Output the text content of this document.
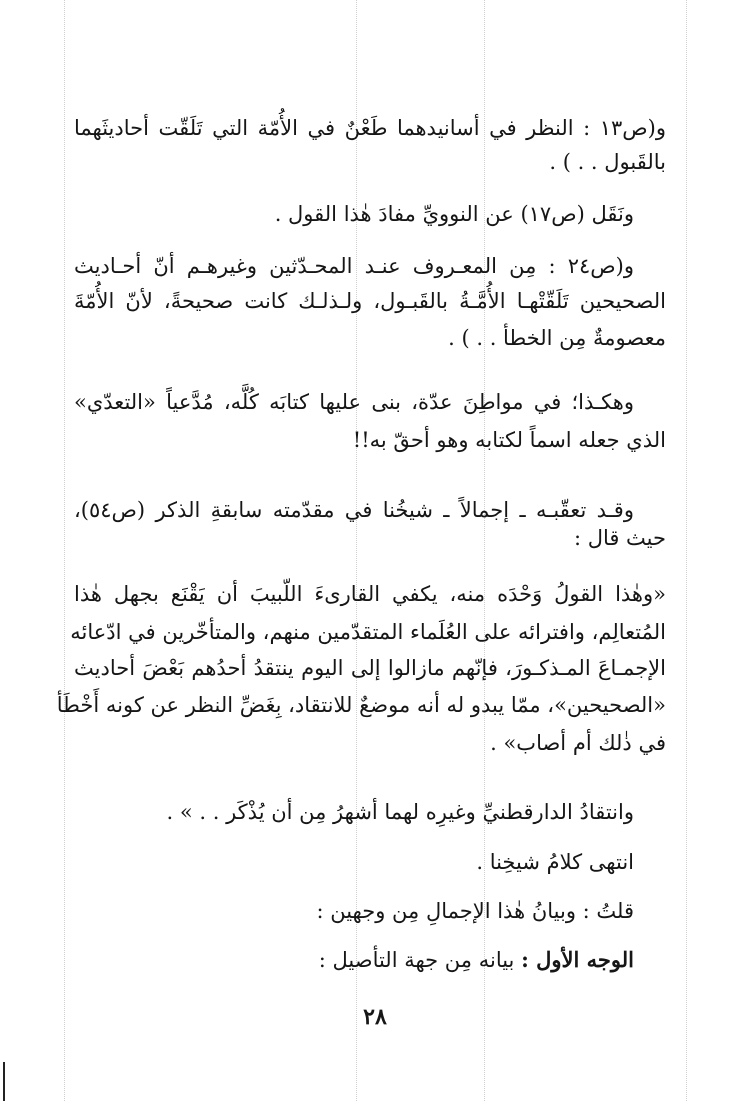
و(ص١٣ : النظر في أسانيدهما طَعْنٌ في الأُمّة التي تَلَقّت أحاديثَهما
بالقَبول . . ) .
ونَقَل (ص١٧) عن النوويِّ مفادَ هٰذا القول .
و(ص٢٤ : مِن المعـروف عنـد المحـدّثين وغيرهـم أنّ أحـاديث
الصحيحين تَلَقّتْهـا الأُمَّـةُ بالقَبـول، ولـذلـك كانت صحيحةً، لأنّ الأُمّةَ
معصومةٌ مِن الخطأ . . ) .
وهكـذا؛ في مواطِنَ عدّة، بنى عليها كتابَه كُلَّه، مُدَّعياً «التعدّي»
الذي جعله اسماً لكتابه وهو أحقّ به!!
وقـد تعقّبـه ـ إجمالاً ـ شيخُنا في مقدّمته سابقةِ الذكر (ص٥٤)،
حيث قال :
«وهٰذا القولُ وَحْدَه منه، يكفي القارىءَ اللّبيبَ أن يَقْنَع بجهل هٰذا
المُتعالِم، وافترائه على العُلَماء المتقدّمين منهم، والمتأخّرين في ادّعائه
الإجمـاعَ المـذكـورَ، فإنّهم مازالوا إلى اليوم ينتقدُ أحدُهم بَعْضَ أحاديث
«الصحيحين»، ممّا يبدو له أنه موضعٌ للانتقاد، بِغَضِّ النظر عن كونه أَخْطَأ
في ذٰلك أم أصاب» .
وانتقادُ الدارقطنيِّ وغيرِه لهما أشهرُ مِن أن يُذْكَر . . » .
انتهى كلامُ شيخِنا .
قلتُ : وبيانُ هٰذا الإجمالِ مِن وجهين :
الوجه الأول : بيانه مِن جهة التأصيل :
٢٨
